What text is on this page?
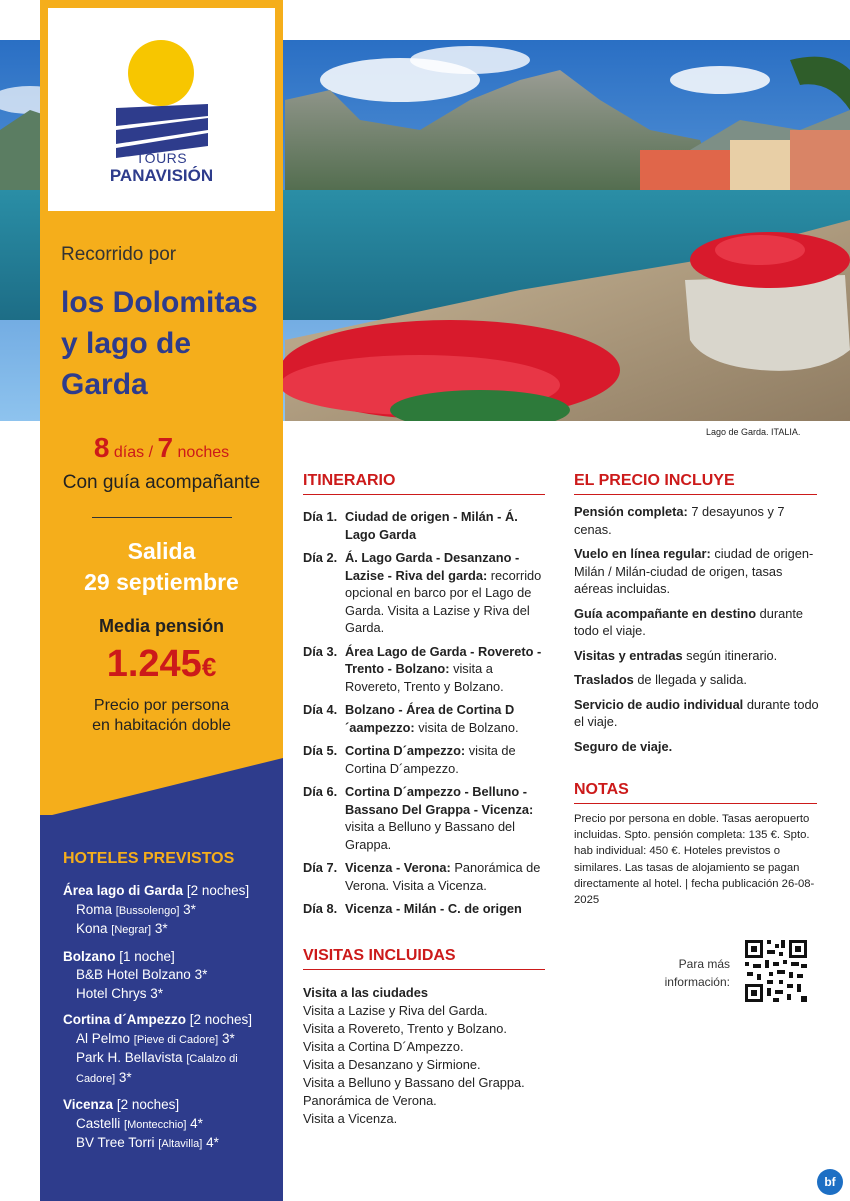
TOURS
PANAVISIÓN
Recorrido por
los Dolomitas y lago de Garda
8 días / 7 noches
Con guía acompañante
Salida
29 septiembre
Media pensión
1.245€
Precio por persona
en habitación doble
HOTELES PREVISTOS
Área lago di Garda [2 noches]
Roma [Bussolengo] 3*
Kona [Negrar] 3*
Bolzano [1 noche]
B&B Hotel Bolzano 3*
Hotel Chrys 3*
Cortina d´Ampezzo [2 noches]
Al Pelmo [Pieve di Cadore] 3*
Park H. Bellavista [Calalzo di Cadore] 3*
Vicenza [2 noches]
Castelli [Montecchio] 4*
BV Tree Torri [Altavilla] 4*
Lago de Garda. ITALIA.
ITINERARIO
Día 1. Ciudad de origen - Milán - Á. Lago Garda
Día 2. Á. Lago Garda - Desanzano - Lazise - Riva del garda: recorrido opcional en barco por el Lago de Garda. Visita a Lazise y Riva del Garda.
Día 3. Área Lago de Garda - Rovereto - Trento - Bolzano: visita a Rovereto, Trento y Bolzano.
Día 4. Bolzano - Área de Cortina D´aampezzo: visita de Bolzano.
Día 5. Cortina D´ampezzo: visita de Cortina D´ampezzo.
Día 6. Cortina D´ampezzo - Belluno - Bassano Del Grappa - Vicenza: visita a Belluno y Bassano del Grappa.
Día 7. Vicenza - Verona: Panorámica de Verona. Visita a Vicenza.
Día 8. Vicenza - Milán - C. de origen
VISITAS INCLUIDAS
Visita a las ciudades
Visita a Lazise y Riva del Garda.
Visita a Rovereto, Trento y Bolzano.
Visita a Cortina D´Ampezzo.
Visita a Desanzano y Sirmione.
Visita a Belluno y Bassano del Grappa.
Panorámica de Verona.
Visita a Vicenza.
EL PRECIO INCLUYE
Pensión completa: 7 desayunos y 7 cenas.
Vuelo en línea regular: ciudad de origen-Milán / Milán-ciudad de origen, tasas aéreas incluidas.
Guía acompañante en destino durante todo el viaje.
Visitas y entradas según itinerario.
Traslados de llegada y salida.
Servicio de audio individual durante todo el viaje.
Seguro de viaje.
NOTAS
Precio por persona en doble. Tasas aeropuerto incluidas. Spto. pensión completa: 135 €. Spto. hab individual: 450 €. Hoteles previstos o similares. Las tasas de alojamiento se pagan directamente al hotel. | fecha publicación 26-08-2025
Para más
información:
bf
